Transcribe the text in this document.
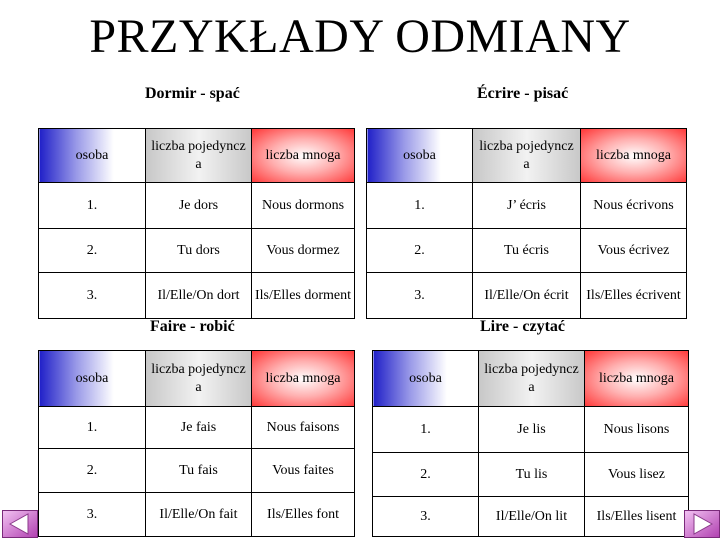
PRZYKŁADY ODMIANY
Dormir - spać	Écrire - pisać
Faire - robić	Lire - czytać
osoba	liczba pojedyncz a	liczba mnoga
1.	Je dors	Nous dormons
2.	Tu dors	Vous dormez
3.	Il/Elle/On dort	Ils/Elles dorment
osoba	liczba pojedyncz a	liczba mnoga
1.	J’ écris	Nous écrivons
2.	Tu écris	Vous écrivez
3.	Il/Elle/On écrit	Ils/Elles écrivent
osoba	liczba pojedyncz a	liczba mnoga
1.	Je fais	Nous faisons
2.	Tu fais	Vous faites
3.	Il/Elle/On fait	Ils/Elles font
osoba	liczba pojedyncz a	liczba mnoga
1.	Je lis	Nous lisons
2.	Tu lis	Vous lisez
3.	Il/Elle/On lit	Ils/Elles lisent
